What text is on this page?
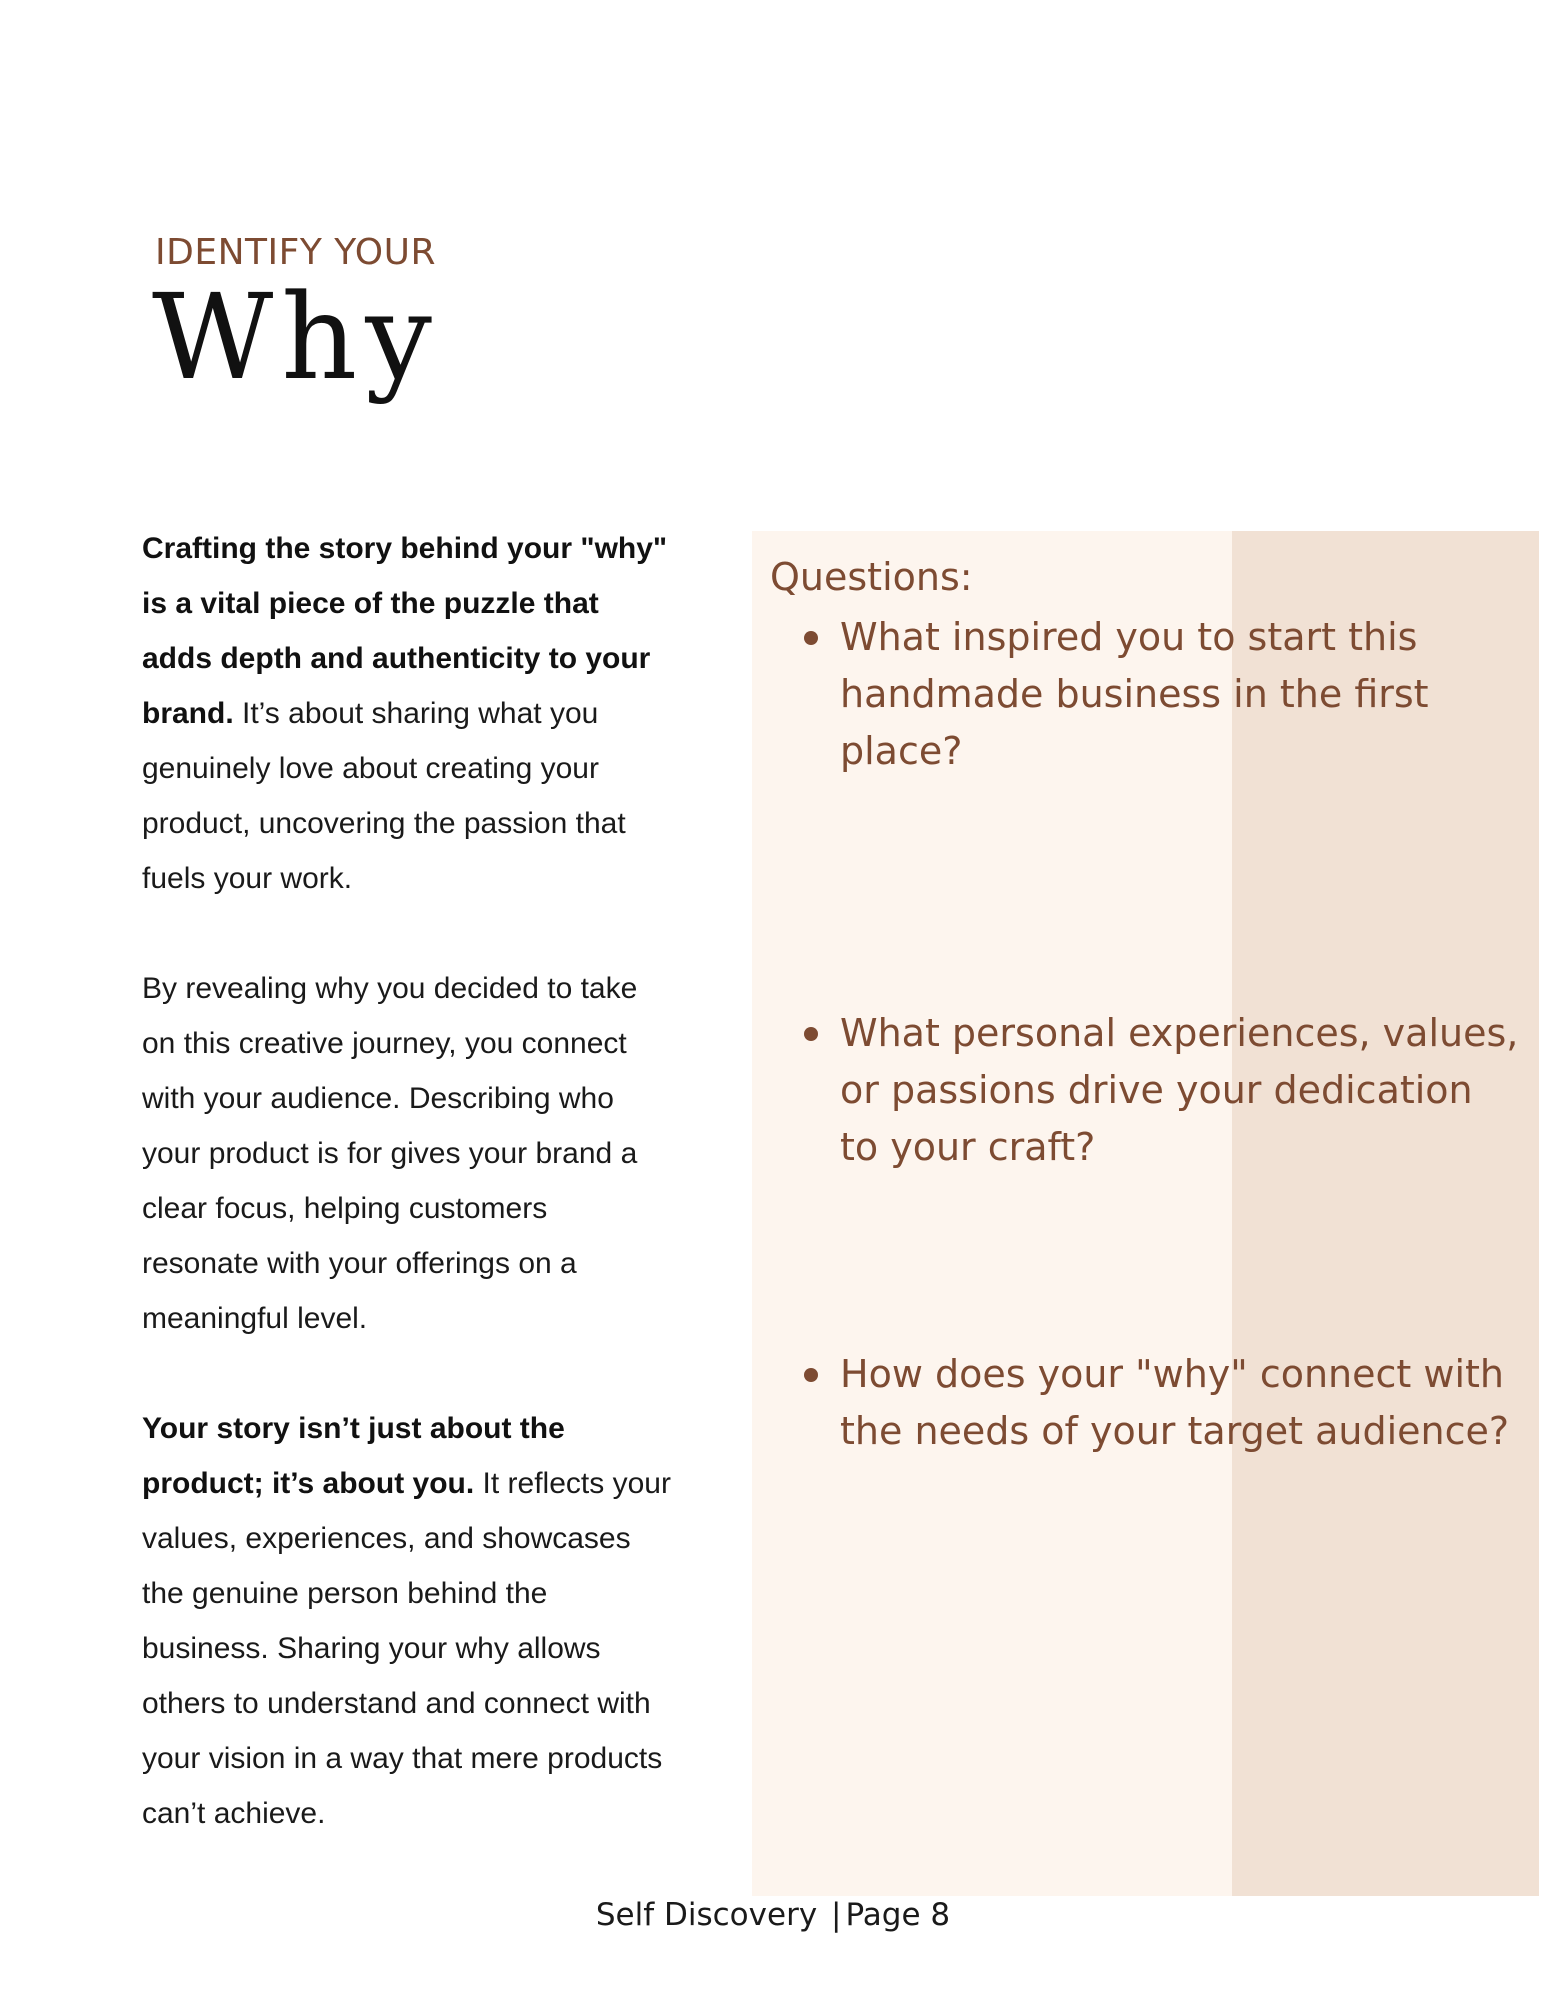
IDENTIFY YOUR
Why

Crafting the story behind your "why" is a vital piece of the puzzle that adds depth and authenticity to your brand. It’s about sharing what you genuinely love about creating your product, uncovering the passion that fuels your work.

By revealing why you decided to take on this creative journey, you connect with your audience. Describing who your product is for gives your brand a clear focus, helping customers resonate with your offerings on a meaningful level.

Your story isn’t just about the product; it’s about you. It reflects your values, experiences, and showcases the genuine person behind the business. Sharing your why allows others to understand and connect with your vision in a way that mere products can’t achieve.

Questions:
What inspired you to start this handmade business in the first place?
What personal experiences, values, or passions drive your dedication to your craft?
How does your "why" connect with the needs of your target audience?
Self Discovery | Page 8
